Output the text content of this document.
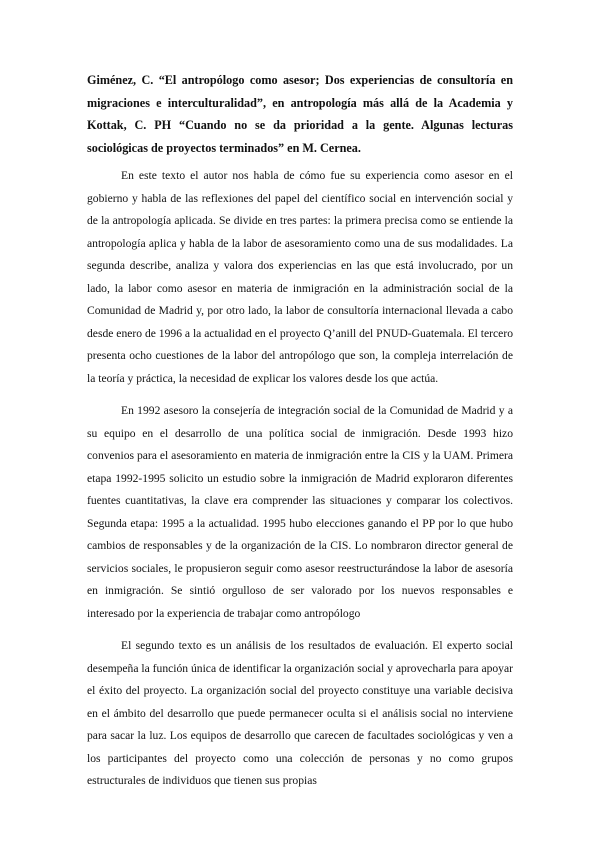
Giménez, C. “El antropólogo como asesor; Dos experiencias de consultoría en migraciones e interculturalidad”, en antropología más allá de la Academia y Kottak, C. PH “Cuando no se da prioridad a la gente. Algunas lecturas sociológicas de proyectos terminados” en M. Cernea.

En este texto el autor nos habla de cómo fue su experiencia como asesor en el gobierno y habla de las reflexiones del papel del científico social en intervención social y de la antropología aplicada. Se divide en tres partes: la primera precisa como se entiende la antropología aplica y habla de la labor de asesoramiento como una de sus modalidades. La segunda describe, analiza y valora dos experiencias en las que está involucrado, por un lado, la labor como asesor en materia de inmigración en la administración social de la Comunidad de Madrid y, por otro lado, la labor de consultoría internacional llevada a cabo desde enero de 1996 a la actualidad en el proyecto Q’anill del PNUD-Guatemala. El tercero presenta ocho cuestiones de la labor del antropólogo que son, la compleja interrelación de la teoría y práctica, la necesidad de explicar los valores desde los que actúa.

En 1992 asesoro la consejería de integración social de la Comunidad de Madrid y a su equipo en el desarrollo de una política social de inmigración. Desde 1993 hizo convenios para el asesoramiento en materia de inmigración entre la CIS y la UAM. Primera etapa 1992-1995 solicito un estudio sobre la inmigración de Madrid exploraron diferentes fuentes cuantitativas, la clave era comprender las situaciones y comparar los colectivos. Segunda etapa: 1995 a la actualidad. 1995 hubo elecciones ganando el PP por lo que hubo cambios de responsables y de la organización de la CIS. Lo nombraron director general de servicios sociales, le propusieron seguir como asesor reestructurándose la labor de asesoría en inmigración. Se sintió orgulloso de ser valorado por los nuevos responsables e interesado por la experiencia de trabajar como antropólogo

El segundo texto es un análisis de los resultados de evaluación. El experto social desempeña la función única de identificar la organización social y aprovecharla para apoyar el éxito del proyecto. La organización social del proyecto constituye una variable decisiva en el ámbito del desarrollo que puede permanecer oculta si el análisis social no interviene para sacar la luz. Los equipos de desarrollo que carecen de facultades sociológicas y ven a los participantes del proyecto como una colección de personas y no como grupos estructurales de individuos que tienen sus propias
